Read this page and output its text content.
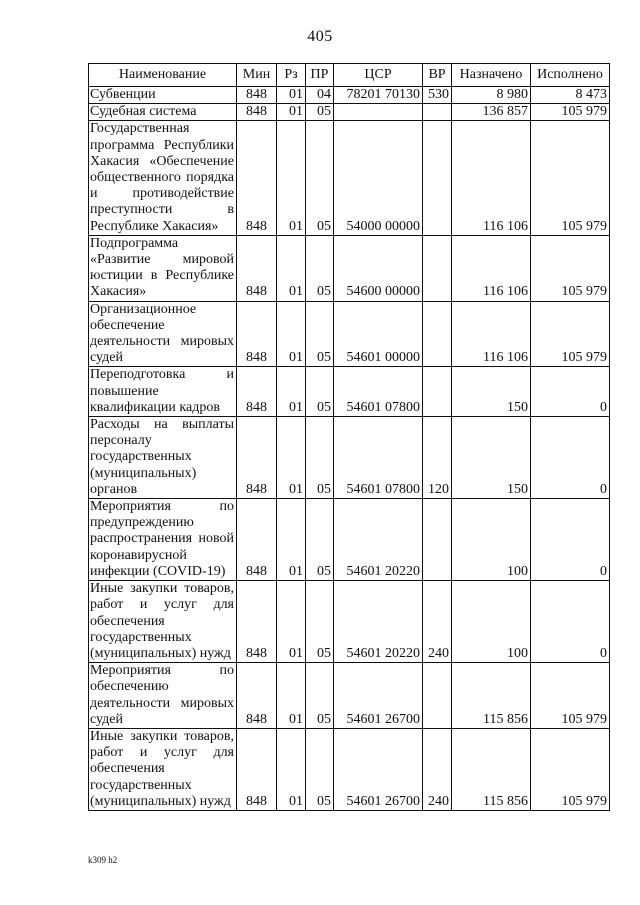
405
Наименование	Мин	Рз	ПР	ЦСР	ВР	Назначено	Исполнено
Субвенции	848	01	04	78201 70130	530	8 980	8 473
Судебная система	848	01	05			136 857	105 979
Государственная программа Республики Хакасия «Обеспечение общественного порядка и противодействие преступности в Республике Хакасия»	848	01	05	54000 00000		116 106	105 979
Подпрограмма «Развитие мировой юстиции в Республике Хакасия»	848	01	05	54600 00000		116 106	105 979
Организационное обеспечение деятельности мировых судей	848	01	05	54601 00000		116 106	105 979
Переподготовка и повышение квалификации кадров	848	01	05	54601 07800		150	0
Расходы на выплаты персоналу государственных (муниципальных) органов	848	01	05	54601 07800	120	150	0
Мероприятия по предупреждению распространения новой коронавирусной инфекции (COVID-19)	848	01	05	54601 20220		100	0
Иные закупки товаров, работ и услуг для обеспечения государственных (муниципальных) нужд	848	01	05	54601 20220	240	100	0
Мероприятия по обеспечению деятельности мировых судей	848	01	05	54601 26700		115 856	105 979
Иные закупки товаров, работ и услуг для обеспечения государственных (муниципальных) нужд	848	01	05	54601 26700	240	115 856	105 979
k309 h2
